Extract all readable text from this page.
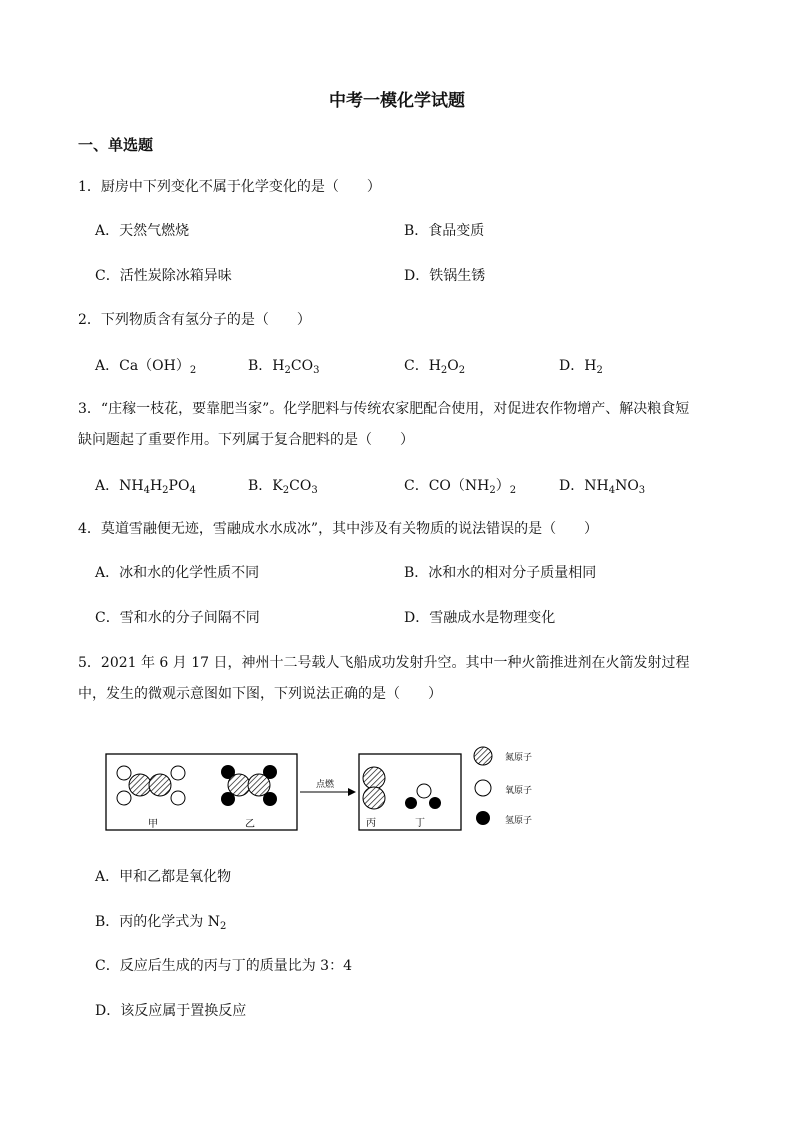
中考一模化学试题
一、单选题
1．厨房中下列变化不属于化学变化的是（　　）
A．天然气燃烧	B．食品变质
C．活性炭除冰箱异味	D．铁锅生锈
2．下列物质含有氢分子的是（　　）
A．$Ca(OH)_2$	B．$H_2CO_3$	C．$H_2O_2$	D．$H_2$
3．“庄稼一枝花，要靠肥当家”。化学肥料与传统农家肥配合使用，对促进农作物增产、解决粮食短
缺问题起了重要作用。下列属于复合肥料的是（　　）
A．$NH_4H_2PO_4$	B．$K_2CO_3$	C．$CO(NH_2)_2$	D．$NH_4NO_3$
4．莫道雪融便无迹，雪融成水水成冰”，其中涉及有关物质的说法错误的是（　　）
A．冰和水的化学性质不同	B．冰和水的相对分子质量相同
C．雪和水的分子间隔不同	D．雪融成水是物理变化
5．2021 年 6 月 17 日，神州十二号载人飞船成功发射升空。其中一种火箭推进剂在火箭发射过程
中，发生的微观示意图如下图，下列说法正确的是（　　）
甲	乙
点燃
丙	丁
氮原子
氧原子
氢原子
A．甲和乙都是氧化物
B．丙的化学式为 $N_2$
C．反应后生成的丙与丁的质量比为 3：4
D．该反应属于置换反应
